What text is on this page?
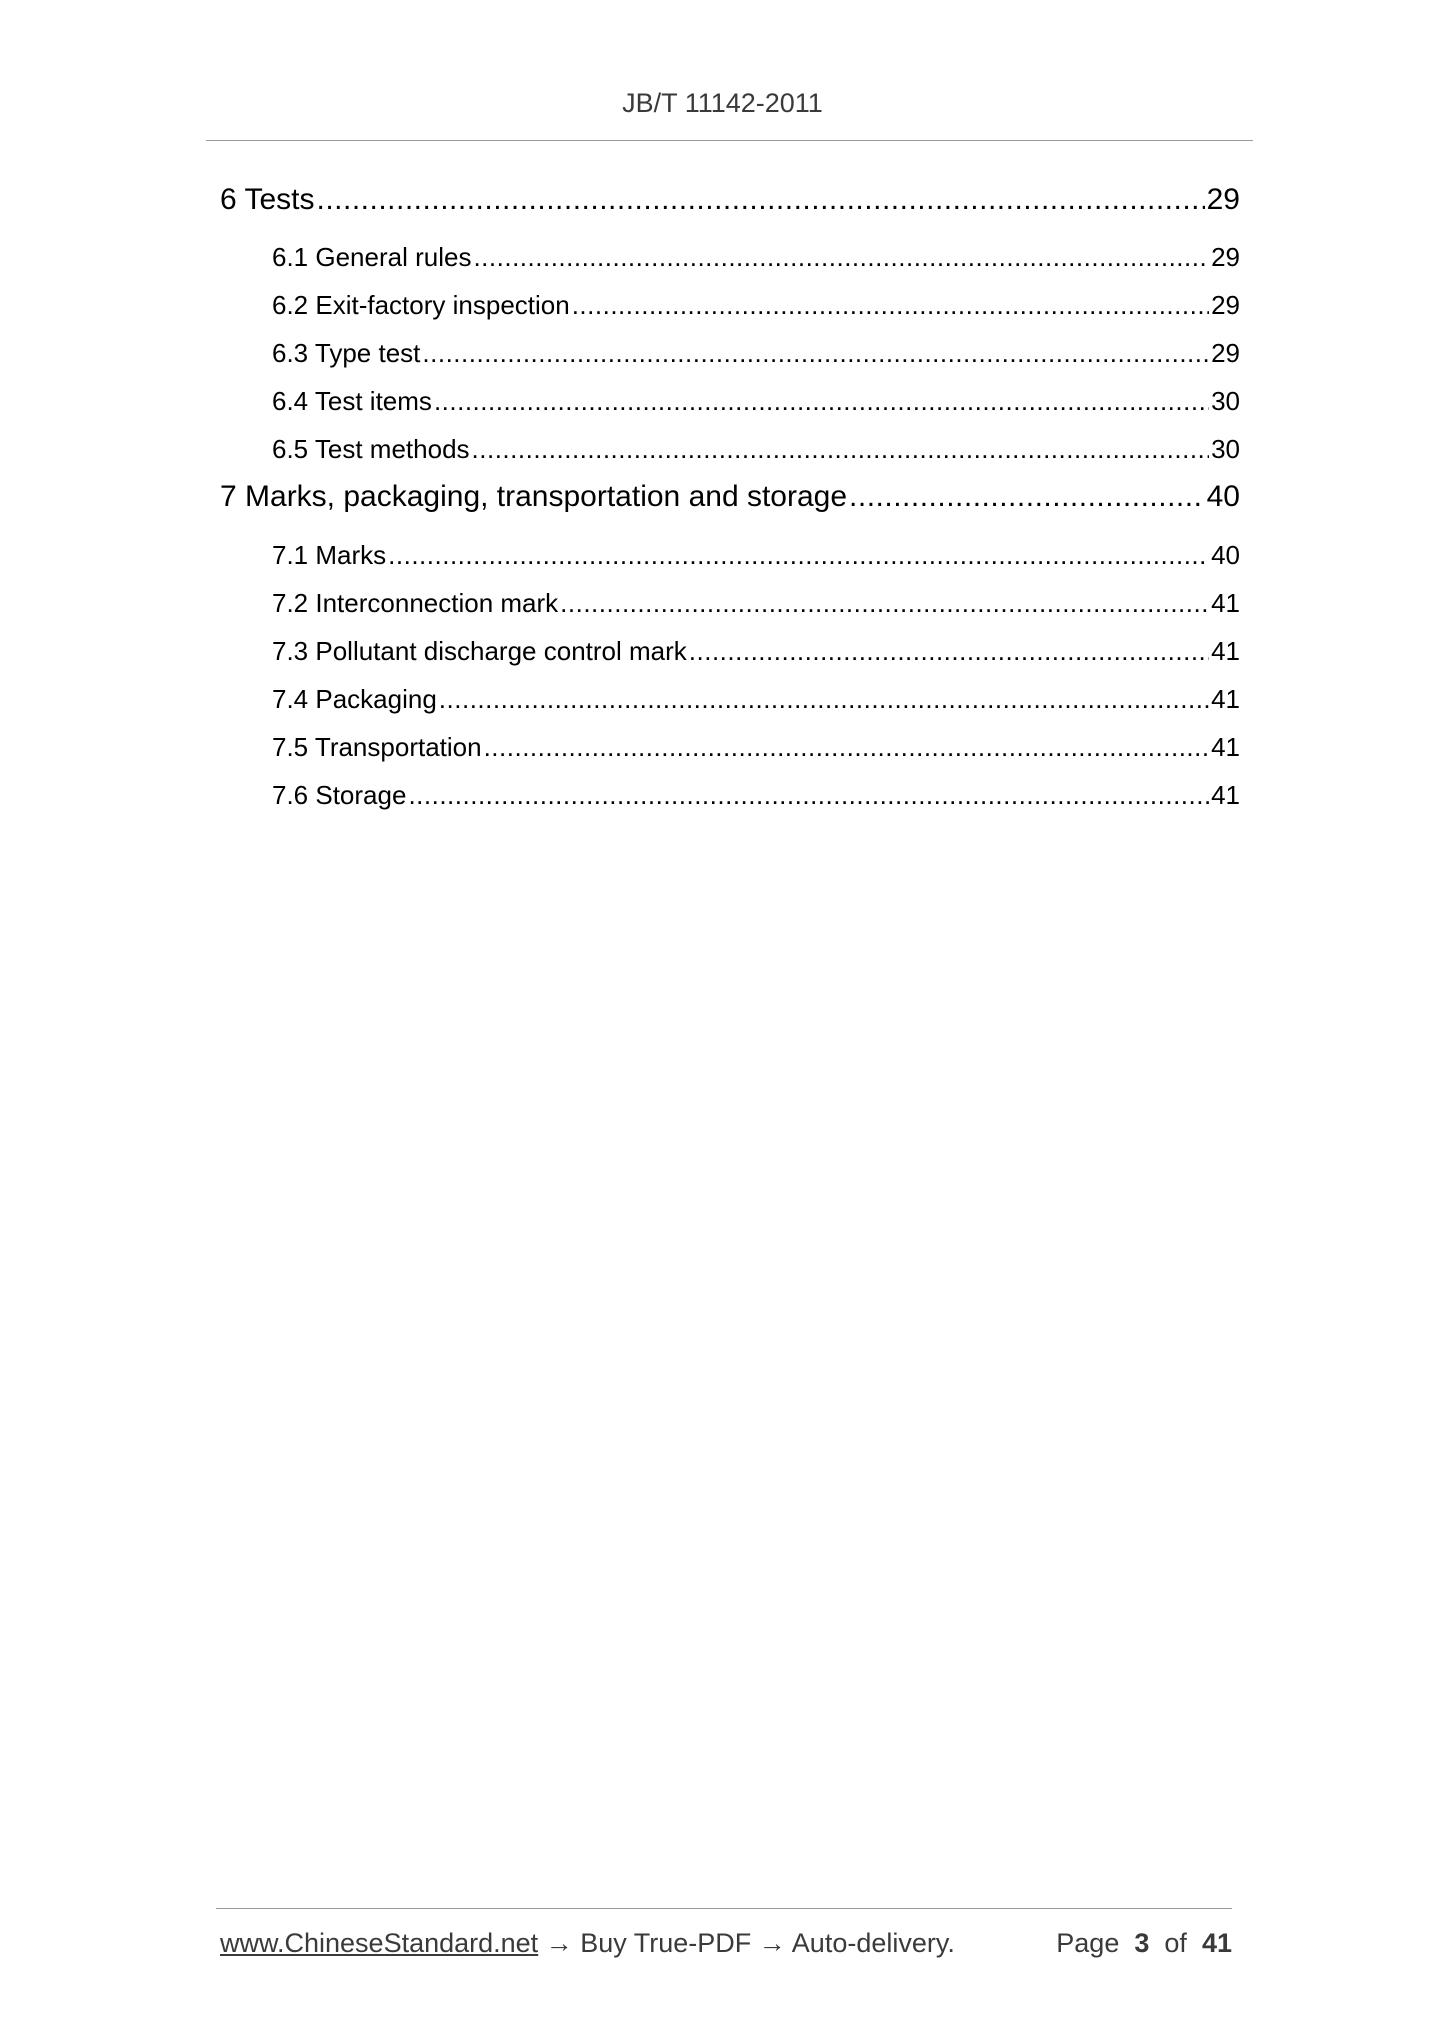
JB/T 11142-2011
6 Tests .....	29
6.1 General rules .....	29
6.2 Exit-factory inspection .....	29
6.3 Type test .....	29
6.4 Test items .....	30
6.5 Test methods .....	30
7 Marks, packaging, transportation and storage .....	40
7.1 Marks .....	40
7.2 Interconnection mark .....	41
7.3 Pollutant discharge control mark .....	41
7.4 Packaging .....	41
7.5 Transportation .....	41
7.6 Storage .....	41
www.ChineseStandard.net → Buy True-PDF → Auto-delivery.	Page 3 of 41
